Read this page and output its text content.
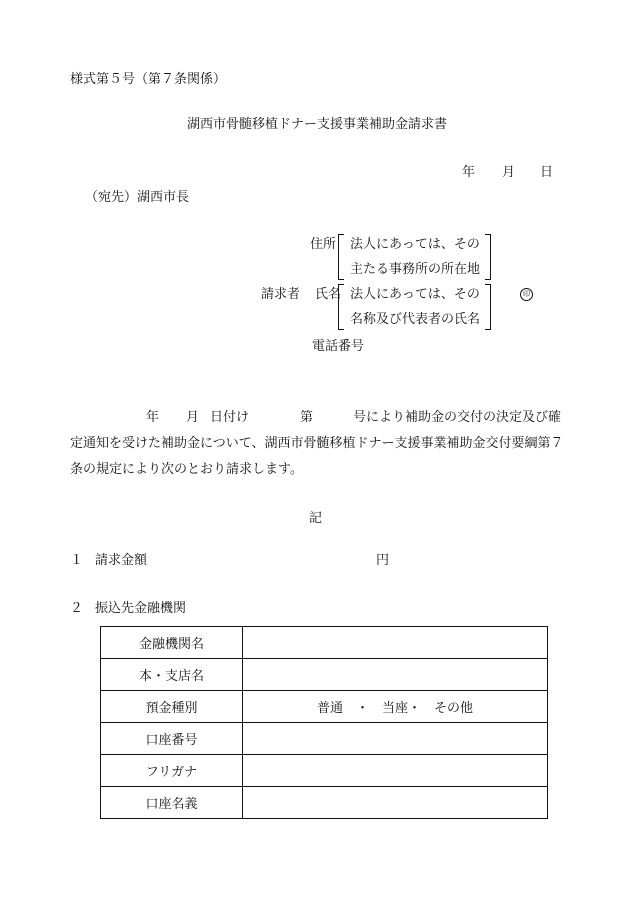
様式第５号（第７条関係）
湖西市骨髄移植ドナー支援事業補助金請求書
年 月 日
（宛先）湖西市長
住所 法人にあっては、その
主たる事務所の所在地
請求者 氏名 法人にあっては、その
名称及び代表者の氏名
印
電話番号
年 月 日付け	第	号により補助金の交付の決定及び確
定通知を受けた補助金について、湖西市骨髄移植ドナー支援事業補助金交付要綱第７
条の規定により次のとおり請求します。
記
１ 請求金額	円
２ 振込先金融機関
金融機関名	
本・支店名	
預金種別	普通　・　当座・　その他
口座番号	
フリガナ	
口座名義	
